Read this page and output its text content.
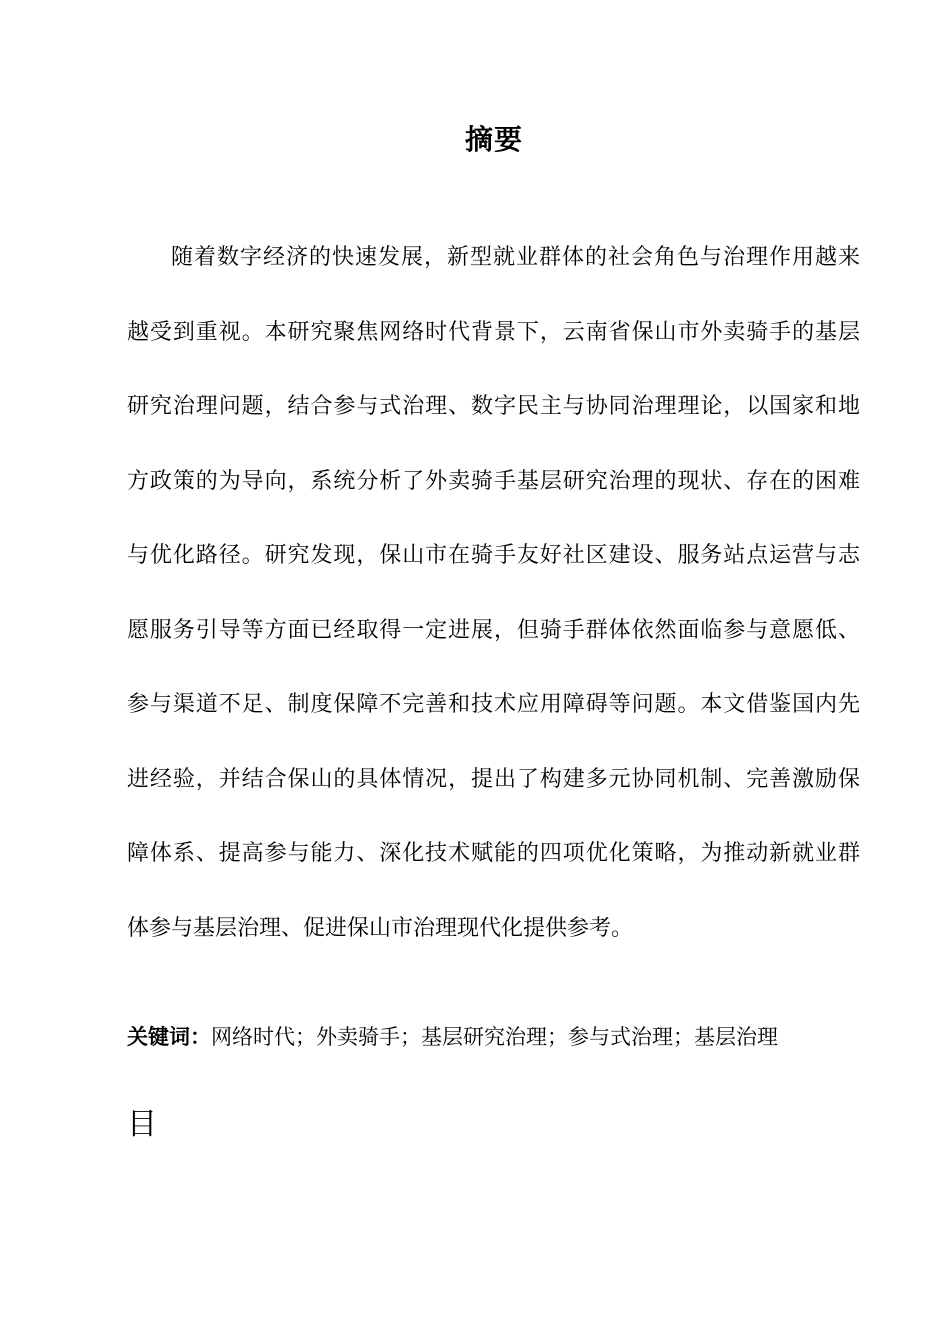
摘要
随着数字经济的快速发展，新型就业群体的社会角色与治理作用越来
越受到重视。本研究聚焦网络时代背景下，云南省保山市外卖骑手的基层
研究治理问题，结合参与式治理、数字民主与协同治理理论，以国家和地
方政策的为导向，系统分析了外卖骑手基层研究治理的现状、存在的困难
与优化路径。研究发现，保山市在骑手友好社区建设、服务站点运营与志
愿服务引导等方面已经取得一定进展，但骑手群体依然面临参与意愿低、
参与渠道不足、制度保障不完善和技术应用障碍等问题。本文借鉴国内先
进经验，并结合保山的具体情况，提出了构建多元协同机制、完善激励保
障体系、提高参与能力、深化技术赋能的四项优化策略，为推动新就业群
体参与基层治理、促进保山市治理现代化提供参考。
关键词：网络时代；外卖骑手；基层研究治理；参与式治理；基层治理
目
